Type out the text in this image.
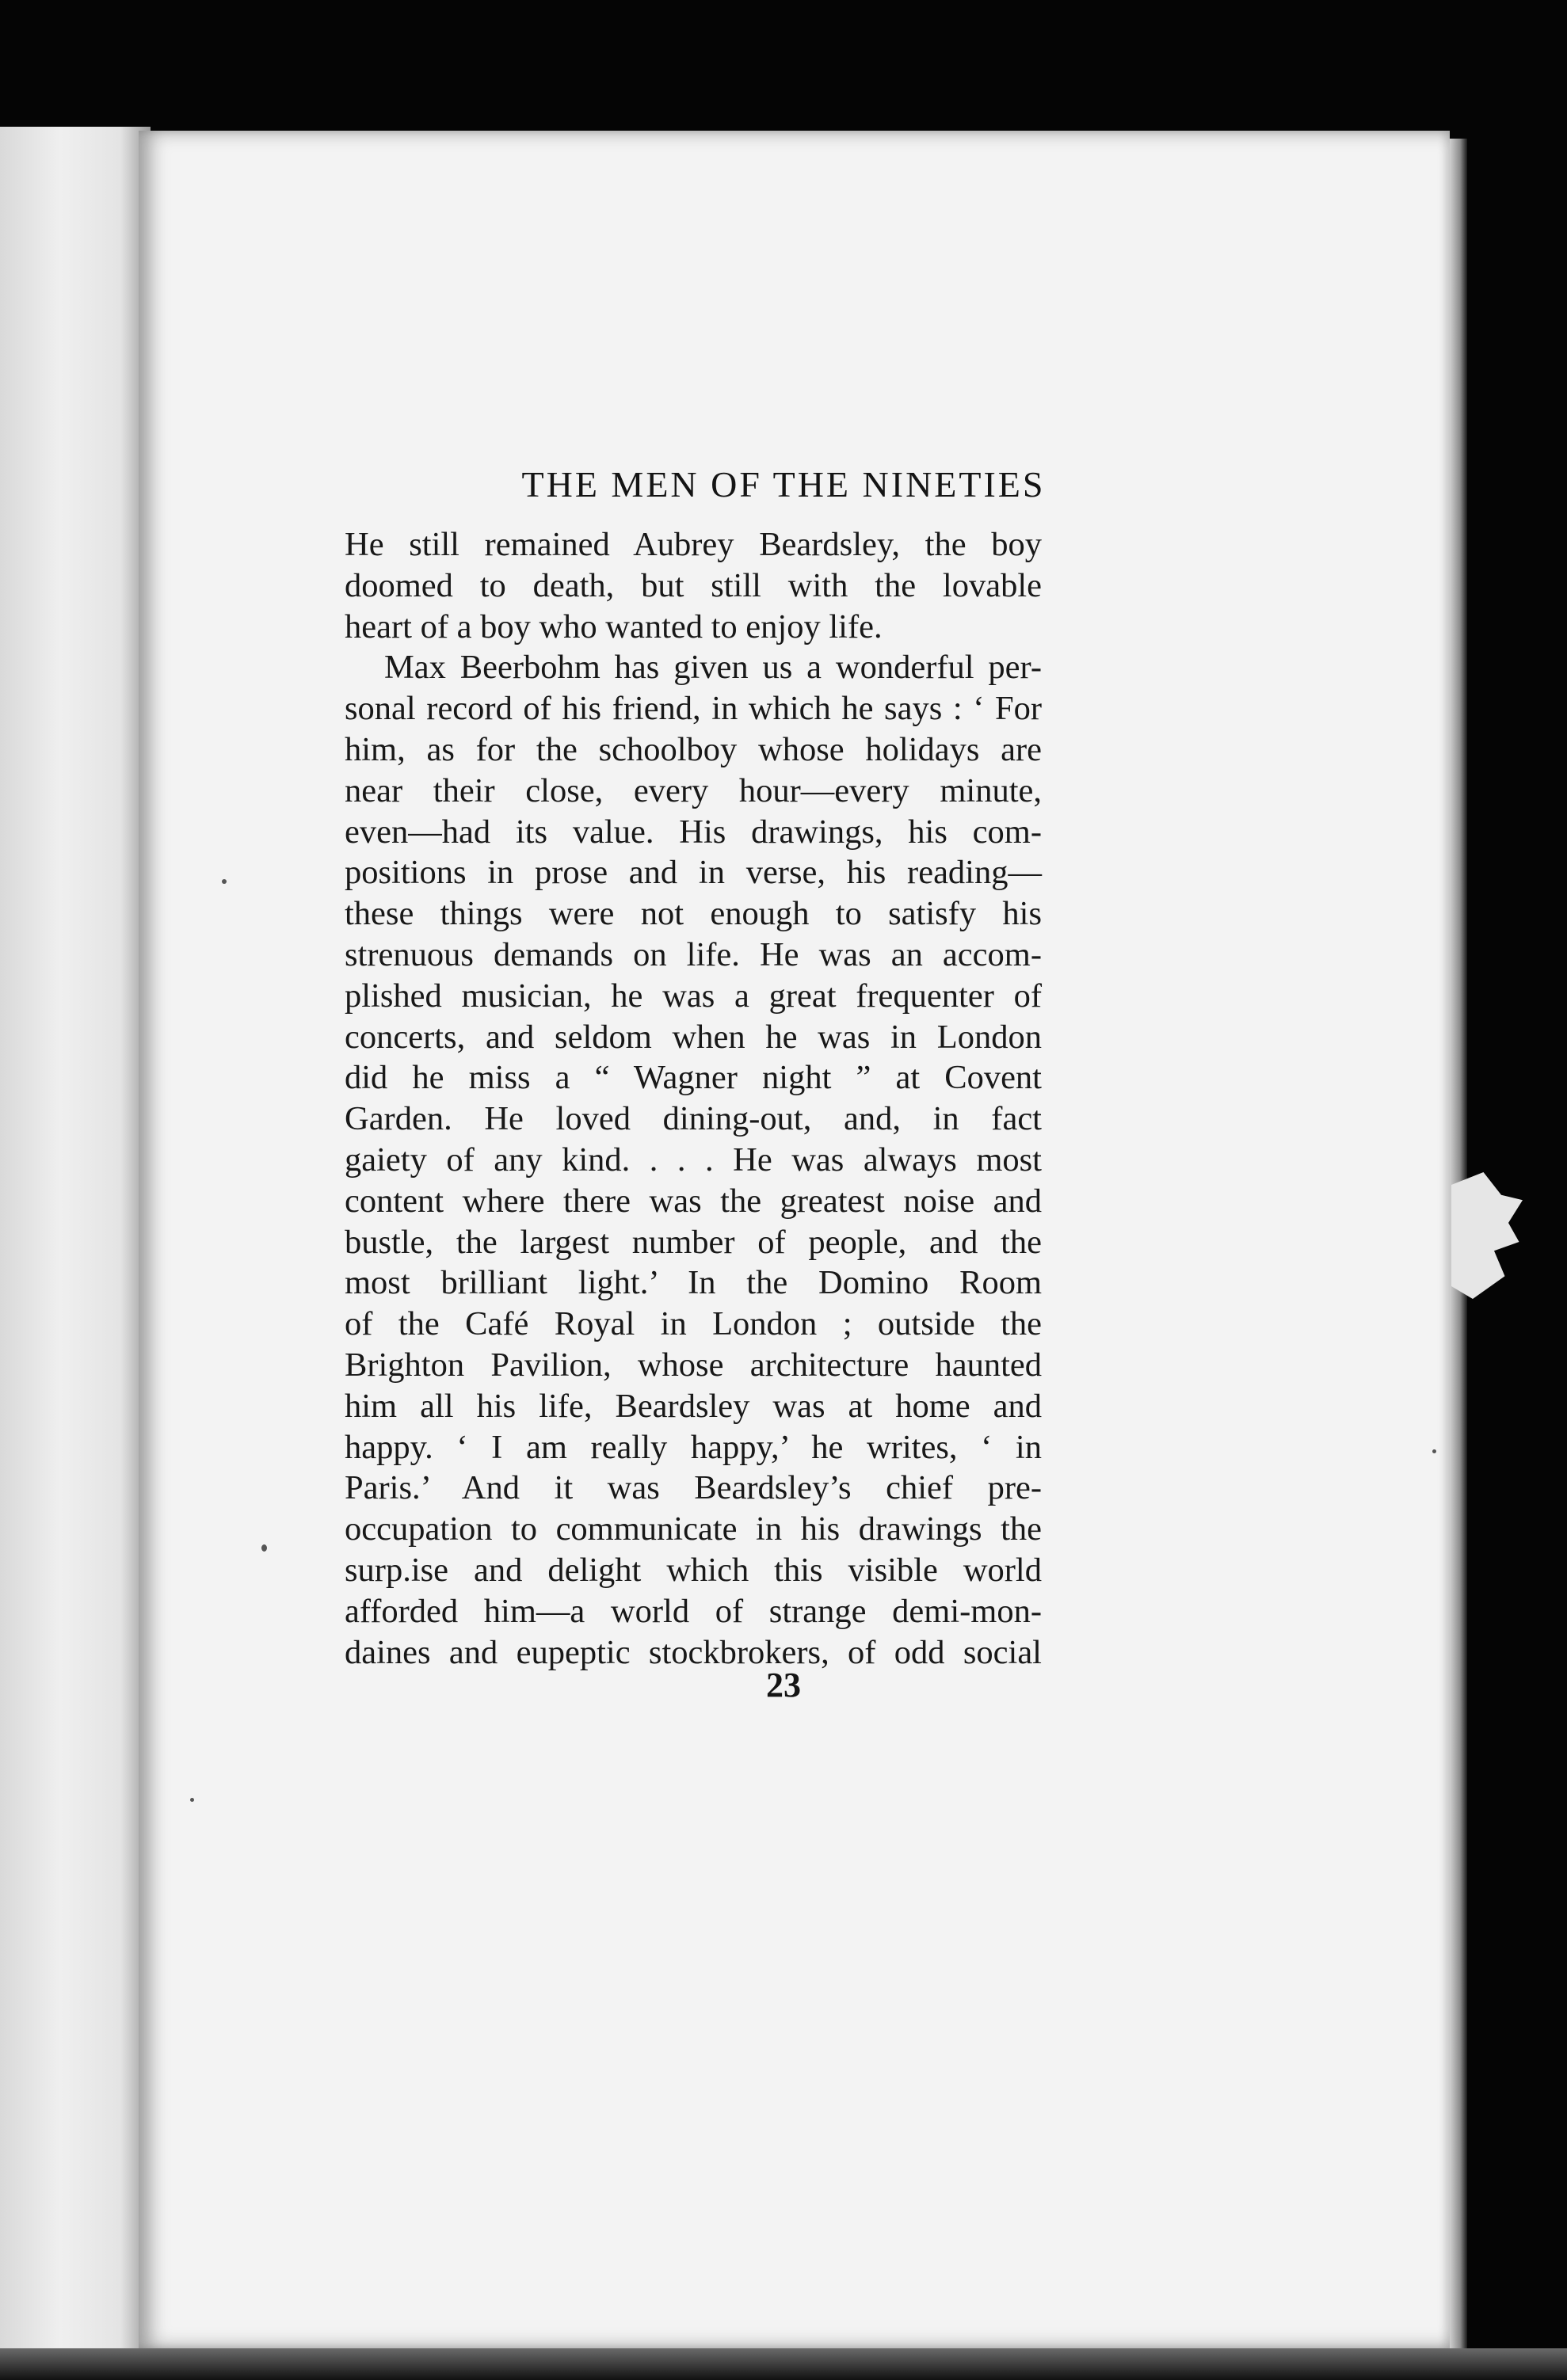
THE MEN OF THE NINETIES
He still remained Aubrey Beardsley, the boy
doomed to death, but still with the lovable
heart of a boy who wanted to enjoy life.
Max Beerbohm has given us a wonderful per-
sonal record of his friend, in which he says : ‘ For
him, as for the schoolboy whose holidays are
near their close, every hour—every minute,
even—had its value. His drawings, his com-
positions in prose and in verse, his reading—
these things were not enough to satisfy his
strenuous demands on life. He was an accom-
plished musician, he was a great frequenter of
concerts, and seldom when he was in London
did he miss a “ Wagner night ” at Covent
Garden. He loved dining-out, and, in fact
gaiety of any kind. . . . He was always most
content where there was the greatest noise and
bustle, the largest number of people, and the
most brilliant light.’ In the Domino Room
of the Café Royal in London ; outside the
Brighton Pavilion, whose architecture haunted
him all his life, Beardsley was at home and
happy. ‘ I am really happy,’ he writes, ‘ in
Paris.’ And it was Beardsley’s chief pre-
occupation to communicate in his drawings the
surp.ise and delight which this visible world
afforded him—a world of strange demi-mon-
daines and eupeptic stockbrokers, of odd social
23
